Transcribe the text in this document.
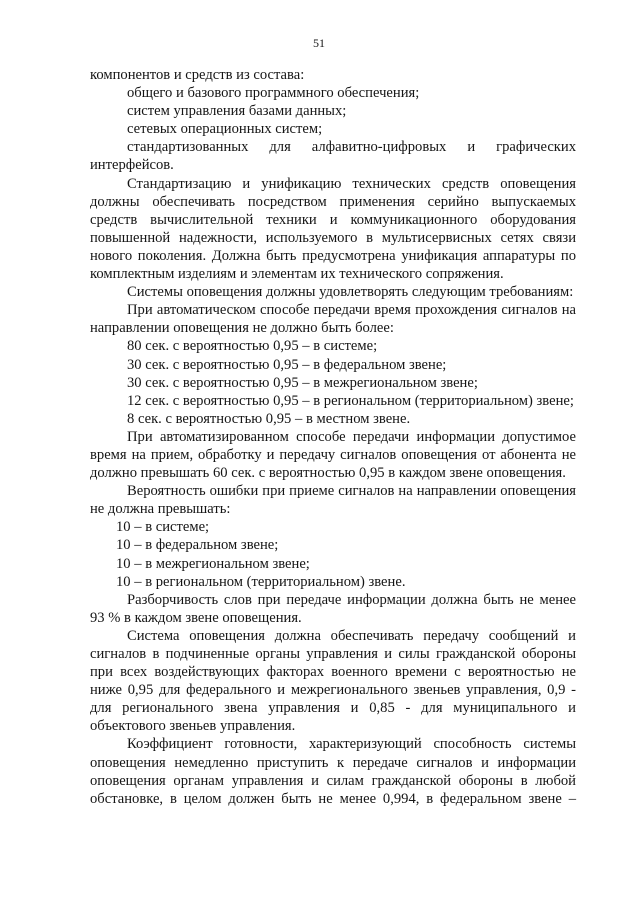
51

компонентов и средств из состава:

общего и базового программного обеспечения;

систем управления базами данных;

сетевых операционных систем;

стандартизованных для алфавитно-цифровых и графических интерфейсов.

Стандартизацию и унификацию технических средств оповещения должны обеспечивать посредством применения серийно выпускаемых средств вычислительной техники и коммуникационного оборудования повышенной надежности, используемого в мультисервисных сетях связи нового поколения. Должна быть предусмотрена унификация аппаратуры по комплектным изделиям и элементам их технического сопряжения.

Системы оповещения должны удовлетворять следующим требованиям:

При автоматическом способе передачи время прохождения сигналов на направлении оповещения не должно быть более:

80 сек. с вероятностью 0,95 – в системе;

30 сек. с вероятностью 0,95 – в федеральном звене;

30 сек. с вероятностью 0,95 – в межрегиональном звене;

12 сек. с вероятностью 0,95 – в региональном (территориальном) звене;

8 сек. с вероятностью 0,95 – в местном звене.

При автоматизированном способе передачи информации допустимое время на прием, обработку и передачу сигналов оповещения от абонента не должно превышать 60 сек. с вероятностью 0,95 в каждом звене оповещения.

Вероятность ошибки при приеме сигналов на направлении оповещения не должна превышать:

10 – в системе;

10 – в федеральном звене;

10 – в межрегиональном звене;

10 – в региональном (территориальном) звене.

Разборчивость слов при передаче информации должна быть не менее 93 % в каждом звене оповещения.

Система оповещения должна обеспечивать передачу сообщений и сигналов в подчиненные органы управления и силы гражданской обороны при всех воздействующих факторах военного времени с вероятностью не ниже 0,95 для федерального и межрегионального звеньев управления, 0,9 - для регионального звена управления и 0,85 - для муниципального и объектового звеньев управления.

Коэффициент готовности, характеризующий способность системы оповещения немедленно приступить к передаче сигналов и информации оповещения органам управления и силам гражданской обороны в любой обстановке, в целом должен быть не менее 0,994, в федеральном звене –
